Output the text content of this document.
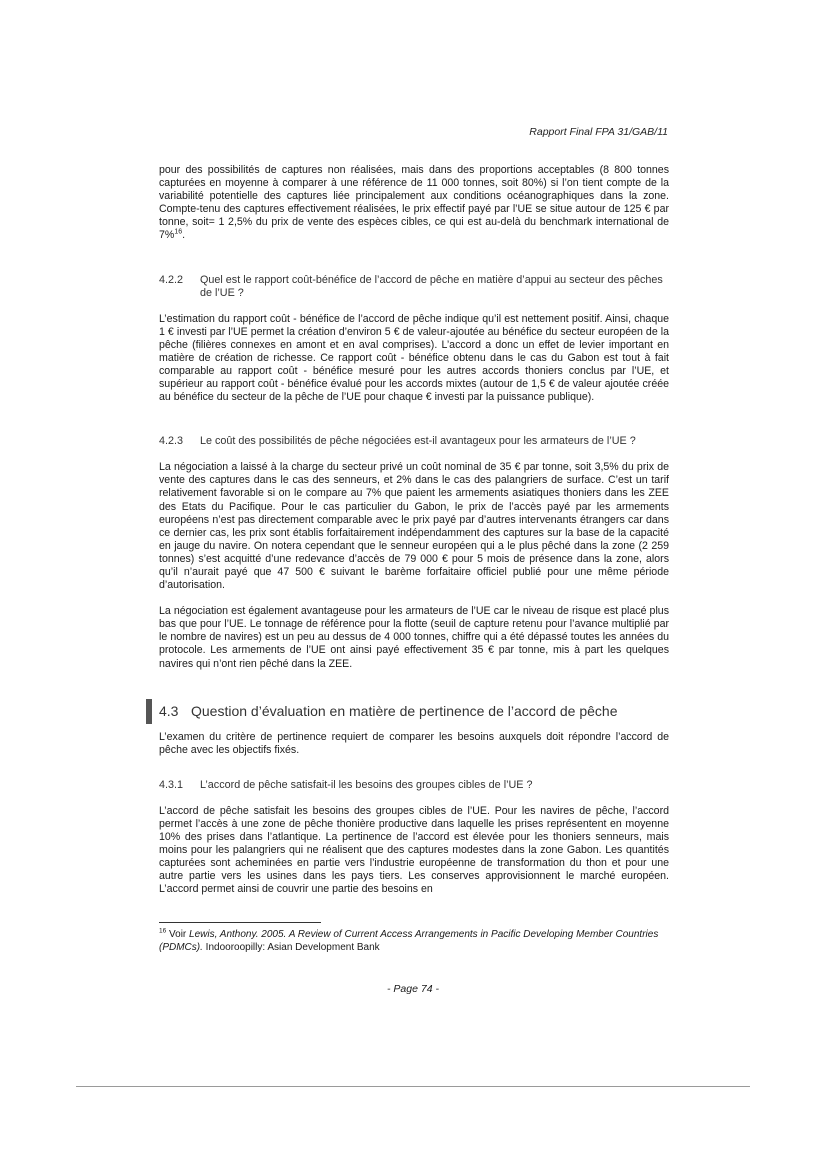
Rapport Final FPA 31/GAB/11

pour des possibilités de captures non réalisées, mais dans des proportions acceptables (8 800 tonnes capturées en moyenne à comparer à une référence de 11 000 tonnes, soit 80%) si l’on tient compte de la variabilité potentielle des captures liée principalement aux conditions océanographiques dans la zone. Compte-tenu des captures effectivement réalisées, le prix effectif payé par l’UE se situe autour de 125 € par tonne, soit= 1 2,5% du prix de vente des espèces cibles, ce qui est au-delà du benchmark international de 7%$^{16}$.

4.2.2	Quel est le rapport coût-bénéfice de l’accord de pêche en matière d’appui au secteur des pêches de l’UE ?

L’estimation du rapport coût - bénéfice de l’accord de pêche indique qu’il est nettement positif. Ainsi, chaque 1 € investi par l’UE permet la création d’environ 5 € de valeur-ajoutée au bénéfice du secteur européen de la pêche (filières connexes en amont et en aval comprises). L’accord a donc un effet de levier important en matière de création de richesse. Ce rapport coût - bénéfice obtenu dans le cas du Gabon est tout à fait comparable au rapport coût - bénéfice mesuré pour les autres accords thoniers conclus par l’UE, et supérieur au rapport coût - bénéfice évalué pour les accords mixtes (autour de 1,5 € de valeur ajoutée créée au bénéfice du secteur de la pêche de l’UE pour chaque € investi par la puissance publique).

4.2.3	Le coût des possibilités de pêche négociées est-il avantageux pour les armateurs de l’UE ?

La négociation a laissé à la charge du secteur privé un coût nominal de 35 € par tonne, soit 3,5% du prix de vente des captures dans le cas des senneurs, et 2% dans le cas des palangriers de surface. C’est un tarif relativement favorable si on le compare au 7% que paient les armements asiatiques thoniers dans les ZEE des Etats du Pacifique. Pour le cas particulier du Gabon, le prix de l’accès payé par les armements européens n’est pas directement comparable avec le prix payé par d’autres intervenants étrangers car dans ce dernier cas, les prix sont établis forfaitairement indépendamment des captures sur la base de la capacité en jauge du navire. On notera cependant que le senneur européen qui a le plus pêché dans la zone (2 259 tonnes) s’est acquitté d’une redevance d’accès de 79 000 € pour 5 mois de présence dans la zone, alors qu’il n’aurait payé que 47 500 € suivant le barème forfaitaire officiel publié pour une même période d’autorisation.

La négociation est également avantageuse pour les armateurs de l’UE car le niveau de risque est placé plus bas que pour l’UE. Le tonnage de référence pour la flotte (seuil de capture retenu pour l’avance multiplié par le nombre de navires) est un peu au dessus de 4 000 tonnes, chiffre qui a été dépassé toutes les années du protocole. Les armements de l’UE ont ainsi payé effectivement 35 € par tonne, mis à part les quelques navires qui n’ont rien pêché dans la ZEE.

4.3 Question d’évaluation en matière de pertinence de l’accord de pêche

L’examen du critère de pertinence requiert de comparer les besoins auxquels doit répondre l’accord de pêche avec les objectifs fixés.

4.3.1	L’accord de pêche satisfait-il les besoins des groupes cibles de l’UE ?

L’accord de pêche satisfait les besoins des groupes cibles de l’UE. Pour les navires de pêche, l’accord permet l’accès à une zone de pêche thonière productive dans laquelle les prises représentent en moyenne 10% des prises dans l’atlantique. La pertinence de l’accord est élevée pour les thoniers senneurs, mais moins pour les palangriers qui ne réalisent que des captures modestes dans la zone Gabon. Les quantités capturées sont acheminées en partie vers l’industrie européenne de transformation du thon et pour une autre partie vers les usines dans les pays tiers. Les conserves approvisionnent le marché européen. L’accord permet ainsi de couvrir une partie des besoins en

$^{16}$ Voir Lewis, Anthony. 2005. A Review of Current Access Arrangements in Pacific Developing Member Countries (PDMCs). Indooroopilly: Asian Development Bank
- Page 74 -
